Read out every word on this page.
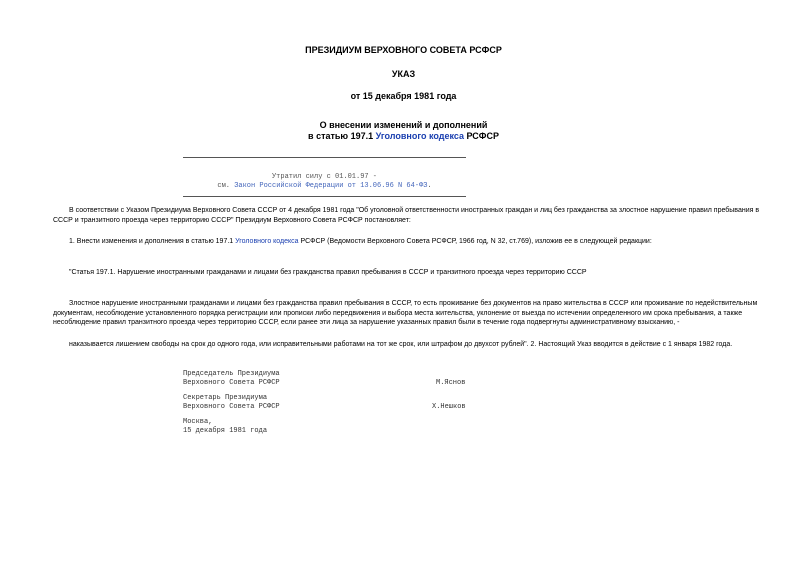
ПРЕЗИДИУМ ВЕРХОВНОГО СОВЕТА РСФСР
УКАЗ
от 15 декабря 1981 года
О внесении изменений и дополнений
в статью 197.1 Уголовного кодекса РСФСР
Утратил силу с 01.01.97 -
см. Закон Российской Федерации от 13.06.96 N 64-ФЗ.
В соответствии с Указом Президиума Верховного Совета СССР от 4 декабря 1981 года "Об уголовной ответственности иностранных граждан и лиц без гражданства за злостное нарушение правил пребывания в СССР и транзитного проезда через территорию СССР" Президиум Верховного Совета РСФСР постановляет:
1. Внести изменения и дополнения в статью 197.1 Уголовного кодекса РСФСР (Ведомости Верховного Совета РСФСР, 1966 год, N 32, ст.769), изложив ее в следующей редакции:
"Статья 197.1. Нарушение иностранными гражданами и лицами без гражданства правил пребывания в СССР и транзитного проезда через территорию СССР
Злостное нарушение иностранными гражданами и лицами без гражданства правил пребывания в СССР, то есть проживание без документов на право жительства в СССР или проживание по недействительным документам, несоблюдение установленного порядка регистрации или прописки либо передвижения и выбора места жительства, уклонение от выезда по истечении определенного им срока пребывания, а также несоблюдение правил транзитного проезда через территорию СССР, если ранее эти лица за нарушение указанных правил были в течение года подвергнуты административному взысканию, -
наказывается лишением свободы на срок до одного года, или исправительными работами на тот же срок, или штрафом до двухсот рублей". 2. Настоящий Указ вводится в действие с 1 января 1982 года.
Председатель Президиума
Верховного Совета РСФСР	М.Яснов
Секретарь Президиума
Верховного Совета РСФСР	Х.Нешков
Москва,
15 декабря 1981 года
